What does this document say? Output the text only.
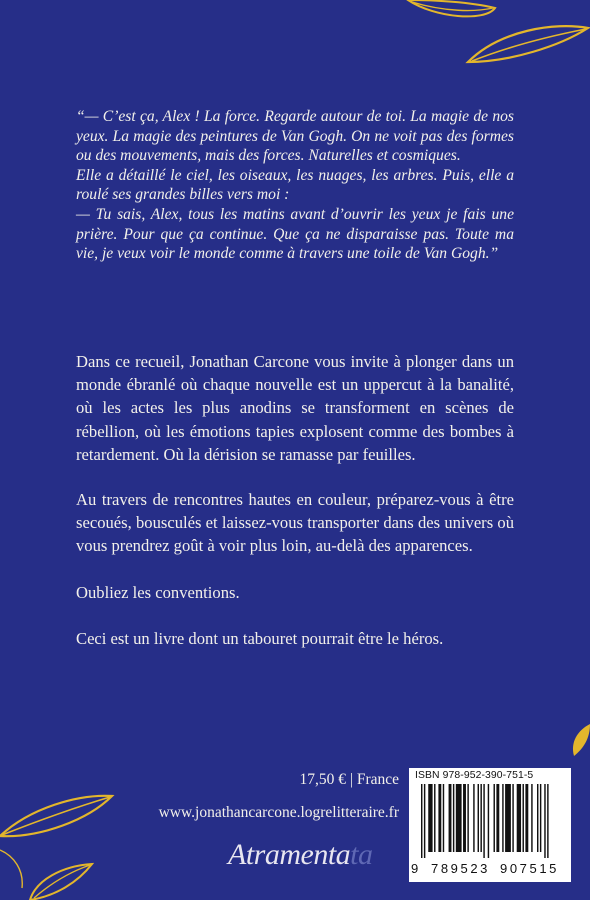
“— C’est ça, Alex ! La force. Regarde autour de toi. La magie de nos yeux. La magie des peintures de Van Gogh. On ne voit pas des formes ou des mouvements, mais des forces. Naturelles et cosmiques.

Elle a détaillé le ciel, les oiseaux, les nuages, les arbres. Puis, elle a roulé ses grandes billes vers moi :

— Tu sais, Alex, tous les matins avant d’ouvrir les yeux je fais une prière. Pour que ça continue. Que ça ne disparaisse pas. Toute ma vie, je veux voir le monde comme à travers une toile de Van Gogh.”

Dans ce recueil, Jonathan Carcone vous invite à plonger dans un monde ébranlé où chaque nouvelle est un uppercut à la banalité, où les actes les plus anodins se transforment en scènes de rébellion, où les émotions tapies explosent comme des bombes à retardement. Où la dérision se ramasse par feuilles.

Au travers de rencontres hautes en couleur, préparez-vous à être secoués, bousculés et laissez-vous transporter dans des univers où vous prendrez goût à voir plus loin, au-delà des apparences.

Oubliez les conventions.

Ceci est un livre dont un tabouret pourrait être le héros.

17,50 € | France
www.jonathancarcone.logrelitteraire.fr
Atramentata
ISBN 978-952-390-751-5
9 789523 907515
